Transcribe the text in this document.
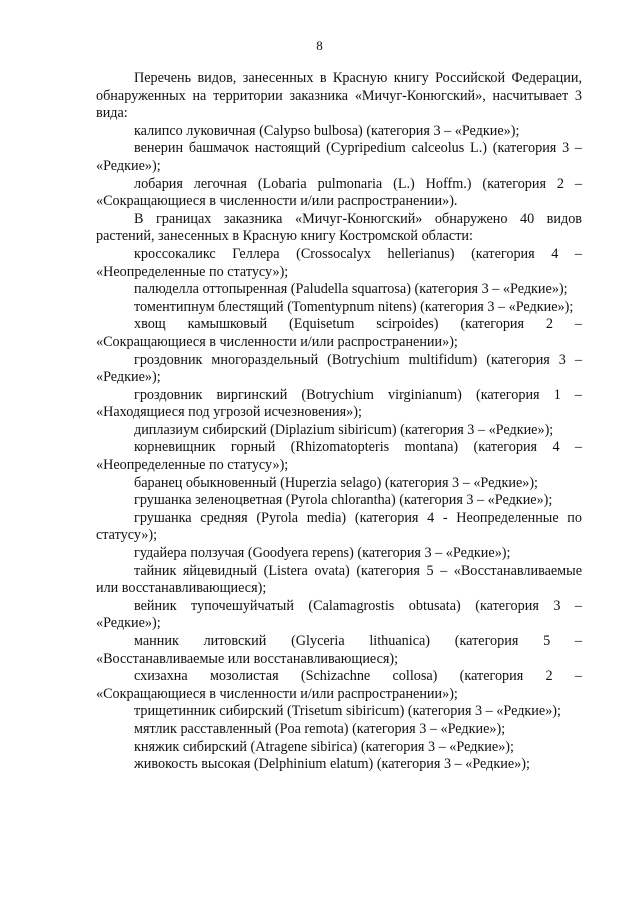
8

Перечень видов, занесенных в Красную книгу Российской Федерации, обнаруженных на территории заказника «Мичуг-Конюгский», насчитывает 3 вида:

калипсо луковичная (Calypso bulbosa) (категория 3 – «Редкие»);

венерин башмачок настоящий (Cypripedium calceolus L.) (категория 3 – «Редкие»);

лобария легочная (Lobaria pulmonaria (L.) Hoffm.) (категория 2 – «Сокращающиеся в численности и/или распространении»).

В границах заказника «Мичуг-Конюгский» обнаружено 40 видов растений, занесенных в Красную книгу Костромской области:

кроссокаликс Геллера (Crossocalyx hellerianus) (категория 4 – «Неопределенные по статусу»);

палюделла оттопыренная (Paludella squarrosa) (категория 3 – «Редкие»);

томентипнум блестящий (Tomentypnum nitens) (категория 3 – «Редкие»);

хвощ камышковый (Equisetum scirpoides) (категория 2 – «Сокращающиеся в численности и/или распространении»);

гроздовник многораздельный (Botrychium multifidum) (категория 3 – «Редкие»);

гроздовник виргинский (Botrychium virginianum) (категория 1 – «Находящиеся под угрозой исчезновения»);

диплазиум сибирский (Diplazium sibiricum) (категория 3 – «Редкие»);

корневищник горный (Rhizomatopteris montana) (категория 4 – «Неопределенные по статусу»);

баранец обыкновенный (Huperzia selago) (категория 3 – «Редкие»);

грушанка зеленоцветная (Pyrola chlorantha) (категория 3 – «Редкие»);

грушанка средняя (Pyrola media) (категория 4 - Неопределенные по статусу»);

гудайера ползучая (Goodyera repens) (категория 3 – «Редкие»);

тайник яйцевидный (Listera ovata) (категория 5 – «Восстанавливаемые или восстанавливающиеся);

вейник тупочешуйчатый (Calamagrostis obtusata) (категория 3 – «Редкие»);

манник литовский (Glyceria lithuanica) (категория 5 – «Восстанавливаемые или восстанавливающиеся);

схизахна мозолистая (Schizachne collosa) (категория 2 – «Сокращающиеся в численности и/или распространении»);

трищетинник сибирский (Trisetum sibiricum) (категория 3 – «Редкие»);

мятлик расставленный (Poa remota) (категория 3 – «Редкие»);

княжик сибирский (Atragene sibirica) (категория 3 – «Редкие»);

живокость высокая (Delphinium elatum) (категория 3 – «Редкие»);
